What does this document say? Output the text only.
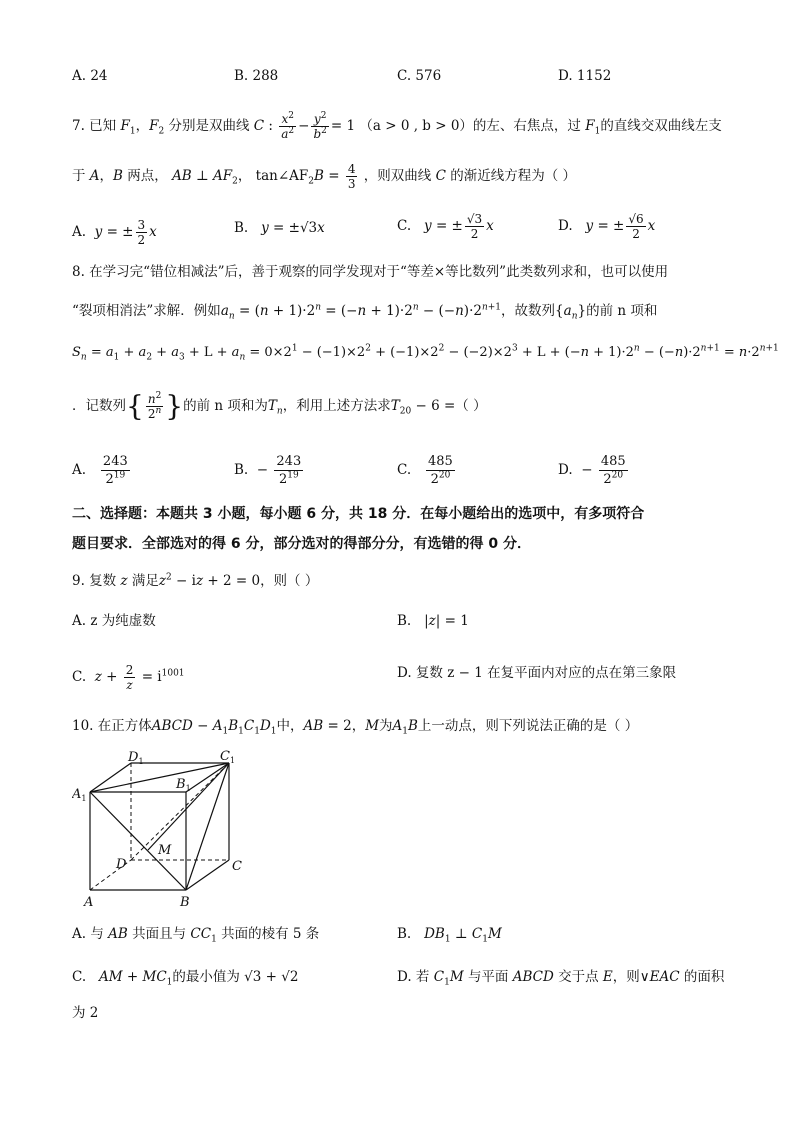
A. 24	B. 288	C. 576	D. 1152
7. 已知 $F_1$，$F_2$ 分别是双曲线 C : $\frac{x^2}{a^2} - \frac{y^2}{b^2} = 1$ （a > 0 , b > 0）的左、右焦点，过 $F_1$的直线交双曲线左支
于 A，B 两点， AB ⊥ $AF_2$， $\tan\angle AF_2B = \frac{4}{3}$ ，则双曲线 C 的渐近线方程为（ ）
A. y = ± $\frac{3}{2}$ x	B. y = ±√3x	C. y = ± $\frac{√3}{2}$ x	D. y = ± $\frac{√6}{2}$ x
8. 在学习完“错位相减法”后，善于观察的同学发现对于“等差×等比数列”此类数列求和，也可以使用
“裂项相消法”求解．例如$a_n = (n + 1)\cdot 2^n = (-n + 1)\cdot 2^n - (-n)\cdot 2^{n+1}$，故数列$\{a_n\}$的前 n 项和
$S_n = a_1 + a_2 + a_3 + L + a_n = 0\times 2^1 - (-1)\times 2^2 + (-1)\times 2^2 - (-2)\times 2^3 + L + (-n + 1)\cdot 2^n - (-n)\cdot 2^{n+1} = n\cdot 2^{n+1}$
．记数列{ $\frac{n^2}{2^n}$ }的前 n 项和为$T_n$，利用上述方法求$T_{20} - 6$ =（ ）
A. $\frac{243}{2^{19}}$	B.  − $\frac{243}{2^{19}}$	C. $\frac{485}{2^{20}}$	D.  − $\frac{485}{2^{20}}$
二、选择题：本题共 3 小题，每小题 6 分，共 18 分．在每小题给出的选项中，有多项符合
题目要求．全部选对的得 6 分，部分选对的得部分分，有选错的得 0 分．
9. 复数 z 满足$z^2$ − iz + 2 = 0，则（ ）
A. z 为纯虚数	B.   |z| = 1
C. $z + \frac{2}{z} = i^{1001}$	D. 复数 z − 1 在复平面内对应的点在第三象限
10. 在正方体ABCD − $A_1B_1C_1D_1$中，AB = 2，M为$A_1B$上一动点，则下列说法正确的是（ ）
$D_1$	$C_1$
$A_1$
$B_1$
D
M
C
A	B
A. 与 AB 共面且与 $CC_1$ 共面的棱有 5 条	B. $DB_1$ ⊥ $C_1M$
C. AM + $MC_1$的最小值为 √3 + √2	D. 若 $C_1M$ 与平面 ABCD 交于点 E，则∨EAC 的面积
为 2
